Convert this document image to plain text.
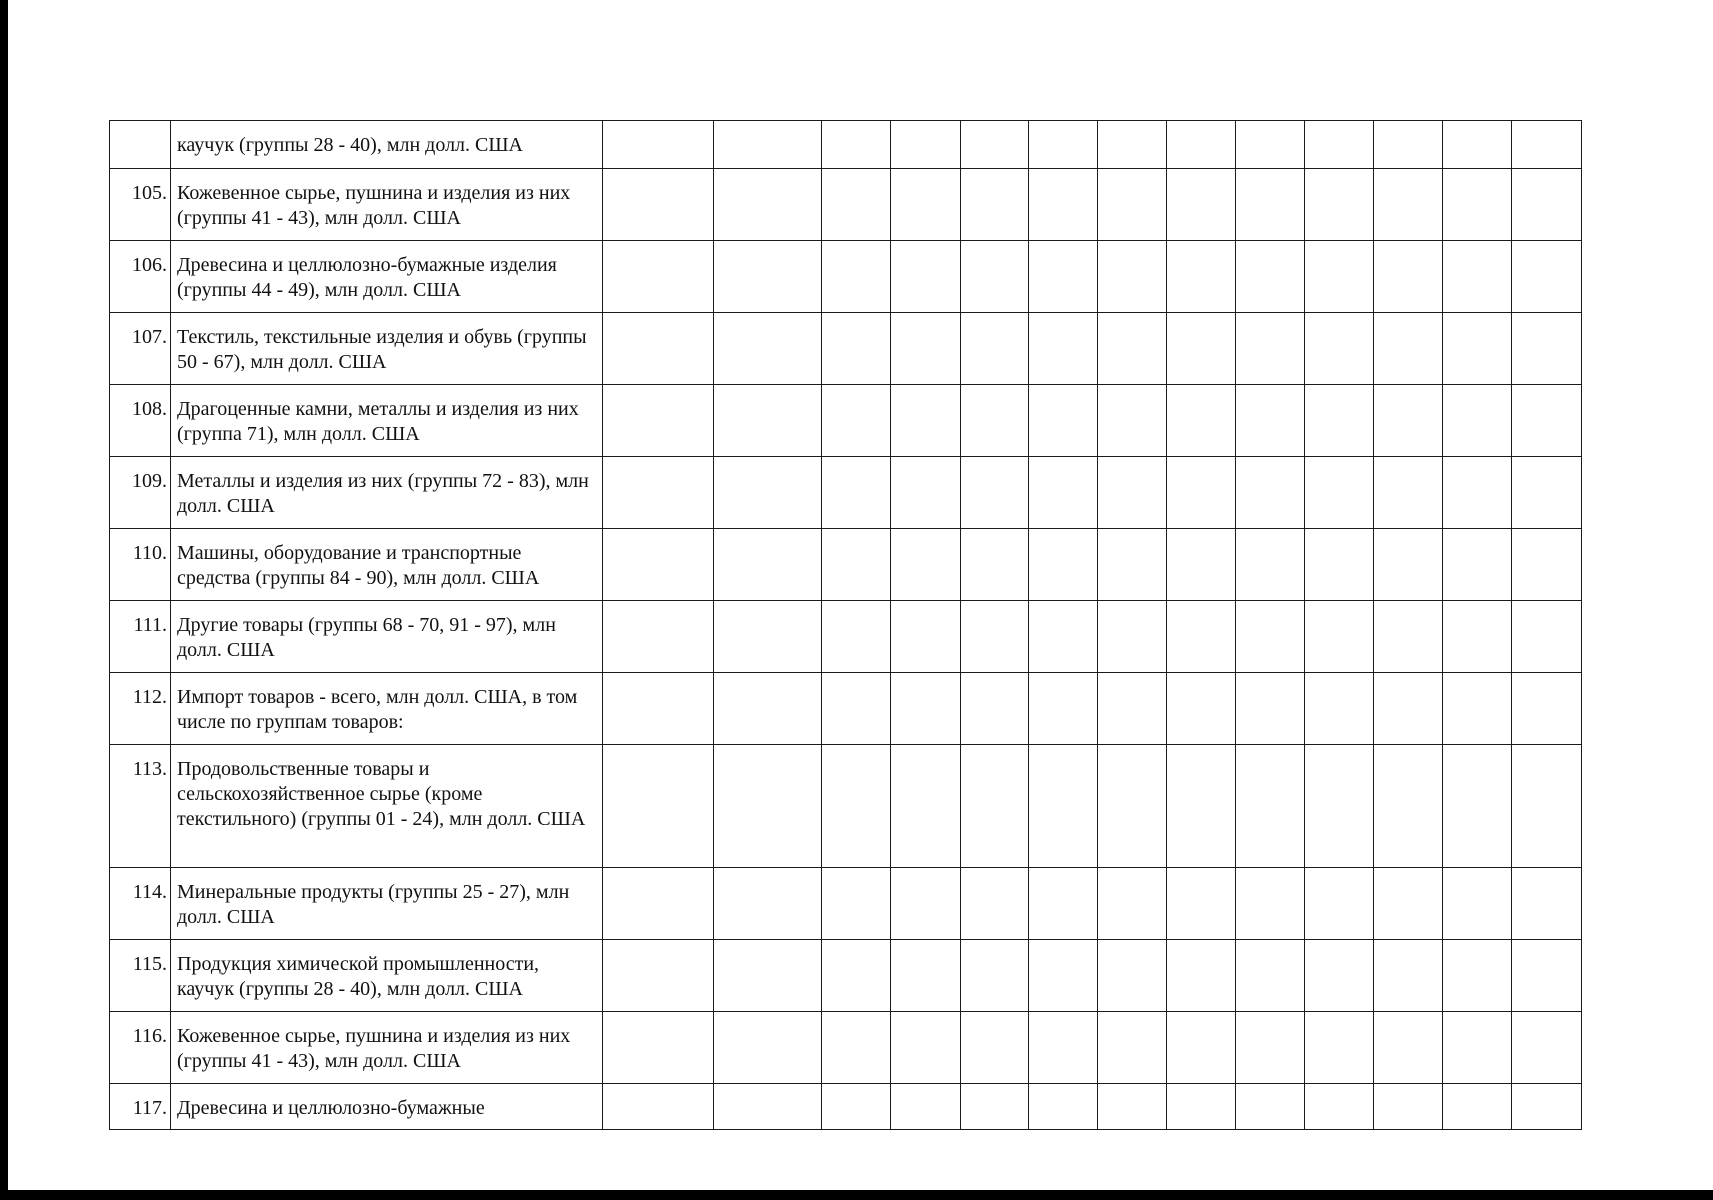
	каучук (группы 28 - 40), млн долл. США													
105.	Кожевенное сырье, пушнина и изделия из них (группы 41 - 43), млн долл. США													
106.	Древесина и целлюлозно-бумажные изделия (группы 44 - 49), млн долл. США													
107.	Текстиль, текстильные изделия и обувь (группы 50 - 67), млн долл. США													
108.	Драгоценные камни, металлы и изделия из них (группа 71), млн долл. США													
109.	Металлы и изделия из них (группы 72 - 83), млн долл. США													
110.	Машины, оборудование и транспортные средства (группы 84 - 90), млн долл. США													
111.	Другие товары (группы 68 - 70, 91 - 97), млн долл. США													
112.	Импорт товаров - всего, млн долл. США, в том числе по группам товаров:													
113.	Продовольственные товары и сельскохозяйственное сырье (кроме текстильного) (группы 01 - 24), млн долл. США													
114.	Минеральные продукты (группы 25 - 27), млн долл. США													
115.	Продукция химической промышленности, каучук (группы 28 - 40), млн долл. США													
116.	Кожевенное сырье, пушнина и изделия из них (группы 41 - 43), млн долл. США													
117.	Древесина и целлюлозно-бумажные													
